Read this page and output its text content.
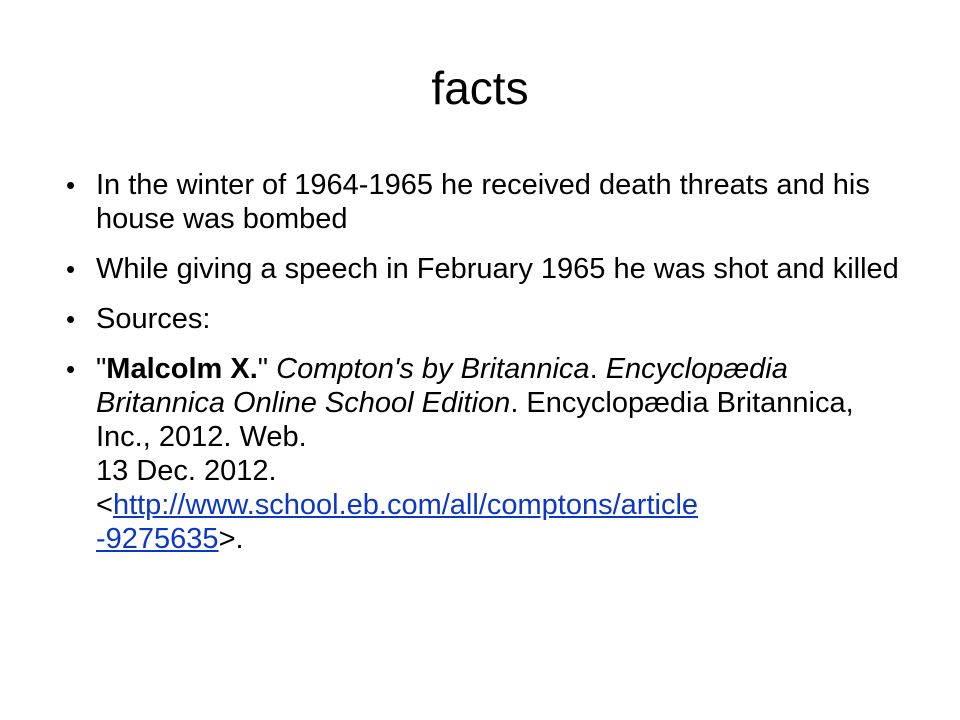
facts
• In the winter of 1964-1965 he received death threats and his house was bombed
• While giving a speech in February 1965 he was shot and killed
• Sources:
• "Malcolm X." Compton's by Britannica. Encyclopædia Britannica Online School Edition. Encyclopædia Britannica, Inc., 2012. Web.
13 Dec. 2012.
<http://www.school.eb.com/all/comptons/article
-9275635>.
